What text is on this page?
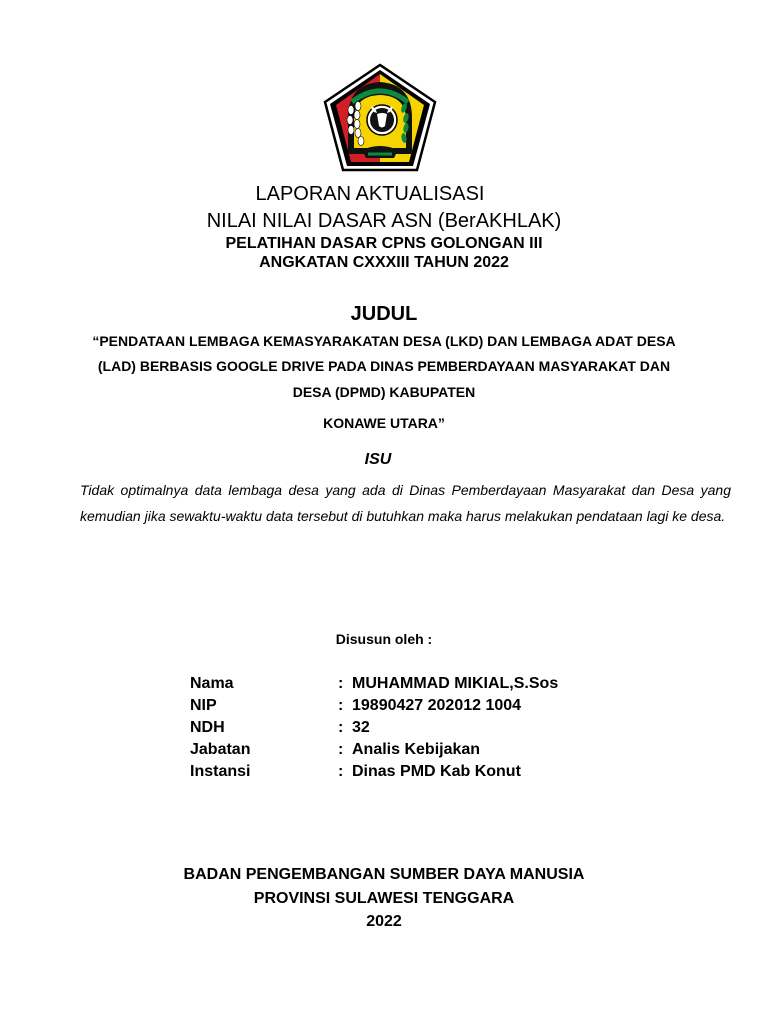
LAPORAN AKTUALISASI
NILAI NILAI DASAR ASN (BerAKHLAK)
PELATIHAN DASAR CPNS GOLONGAN III
ANGKATAN CXXXIII TAHUN 2022
JUDUL
“PENDATAAN LEMBAGA KEMASYARAKATAN DESA (LKD) DAN LEMBAGA ADAT DESA
(LAD) BERBASIS GOOGLE DRIVE PADA DINAS PEMBERDAYAAN MASYARAKAT DAN
DESA (DPMD) KABUPATEN
KONAWE UTARA”
ISU
Tidak optimalnya data lembaga desa yang ada di Dinas Pemberdayaan Masyarakat dan Desa yang kemudian jika sewaktu-waktu data tersebut di butuhkan maka harus melakukan pendataan lagi ke desa.
Disusun oleh :
Nama	: MUHAMMAD MIKIAL,S.Sos
NIP	: 19890427 202012 1004
NDH	: 32
Jabatan	: Analis Kebijakan
Instansi	: Dinas PMD Kab Konut
BADAN PENGEMBANGAN SUMBER DAYA MANUSIA
PROVINSI SULAWESI TENGGARA
2022
